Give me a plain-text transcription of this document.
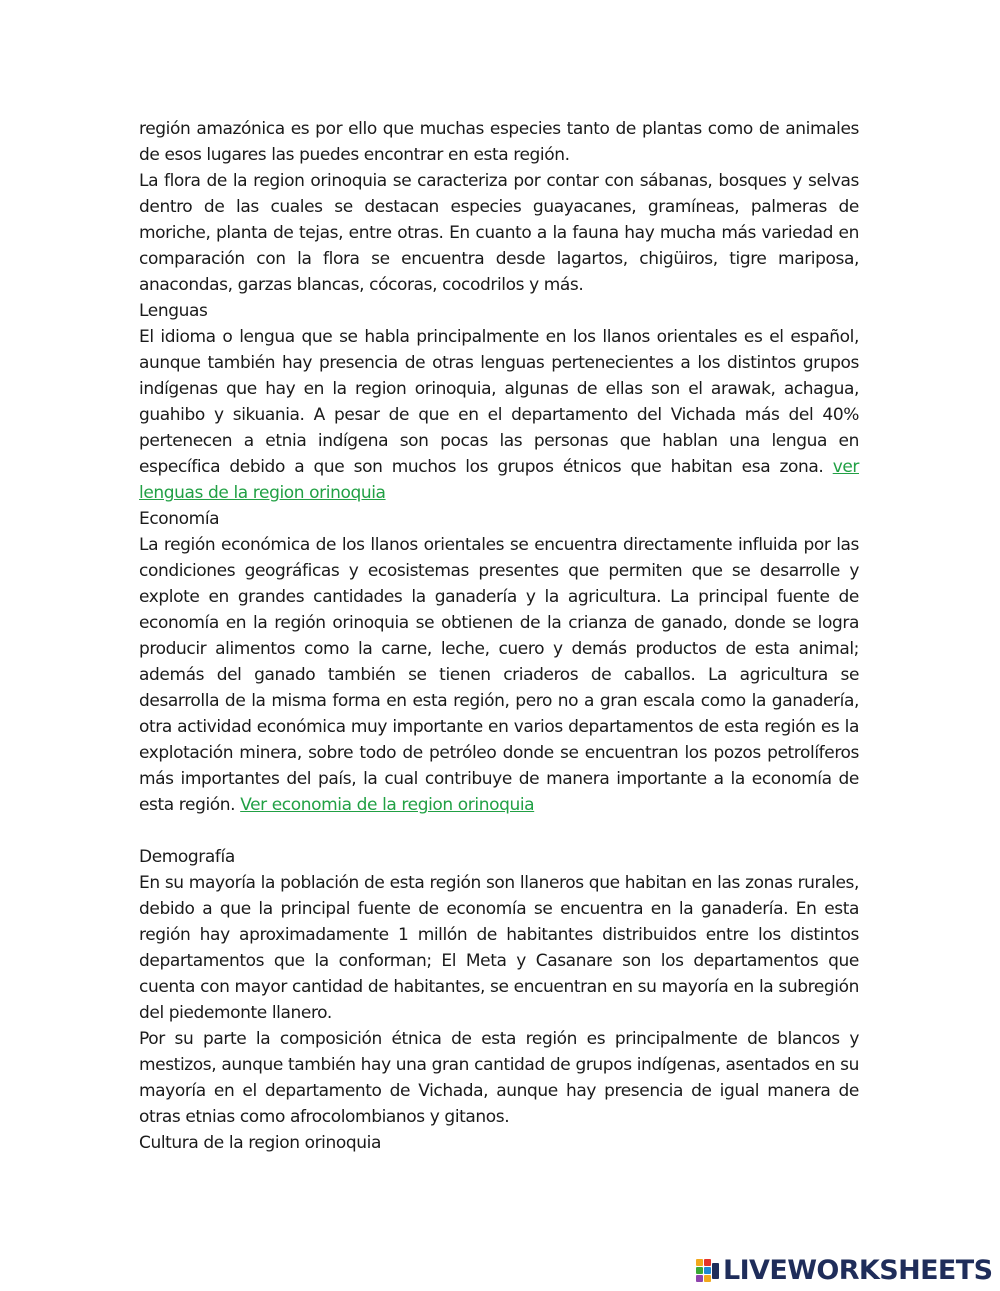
región amazónica es por ello que muchas especies tanto de plantas como de animales de esos lugares las puedes encontrar en esta región.

La flora de la region orinoquia se caracteriza por contar con sábanas, bosques y selvas dentro de las cuales se destacan especies guayacanes, gramíneas, palmeras de moriche, planta de tejas, entre otras. En cuanto a la fauna hay mucha más variedad en comparación con la flora se encuentra desde lagartos, chigüiros, tigre mariposa, anacondas, garzas blancas, cócoras, cocodrilos y más.

Lenguas

El idioma o lengua que se habla principalmente en los llanos orientales es el español, aunque también hay presencia de otras lenguas pertenecientes a los distintos grupos indígenas que hay en la region orinoquia, algunas de ellas son el arawak, achagua, guahibo y sikuania. A pesar de que en el departamento del Vichada más del 40% pertenecen a etnia indígena son pocas las personas que hablan una lengua en específica debido a que son muchos los grupos étnicos que habitan esa zona. ver lenguas de la region orinoquia

Economía

La región económica de los llanos orientales se encuentra directamente influida por las condiciones geográficas y ecosistemas presentes que permiten que se desarrolle y explote en grandes cantidades la ganadería y la agricultura. La principal fuente de economía en la región orinoquia se obtienen de la crianza de ganado, donde se logra producir alimentos como la carne, leche, cuero y demás productos de esta animal; además del ganado también se tienen criaderos de caballos. La agricultura se desarrolla de la misma forma en esta región, pero no a gran escala como la ganadería, otra actividad económica muy importante en varios departamentos de esta región es la explotación minera, sobre todo de petróleo donde se encuentran los pozos petrolíferos más importantes del país, la cual contribuye de manera importante a la economía de esta región. Ver economia de la region orinoquia

Demografía

En su mayoría la población de esta región son llaneros que habitan en las zonas rurales, debido a que la principal fuente de economía se encuentra en la ganadería. En esta región hay aproximadamente 1 millón de habitantes distribuidos entre los distintos departamentos que la conforman; El Meta y Casanare son los departamentos que cuenta con mayor cantidad de habitantes, se encuentran en su mayoría en la subregión del piedemonte llanero.

Por su parte la composición étnica de esta región es principalmente de blancos y mestizos, aunque también hay una gran cantidad de grupos indígenas, asentados en su mayoría en el departamento de Vichada, aunque hay presencia de igual manera de otras etnias como afrocolombianos y gitanos.

Cultura de la region orinoquia

LIVEWORKSHEETS
